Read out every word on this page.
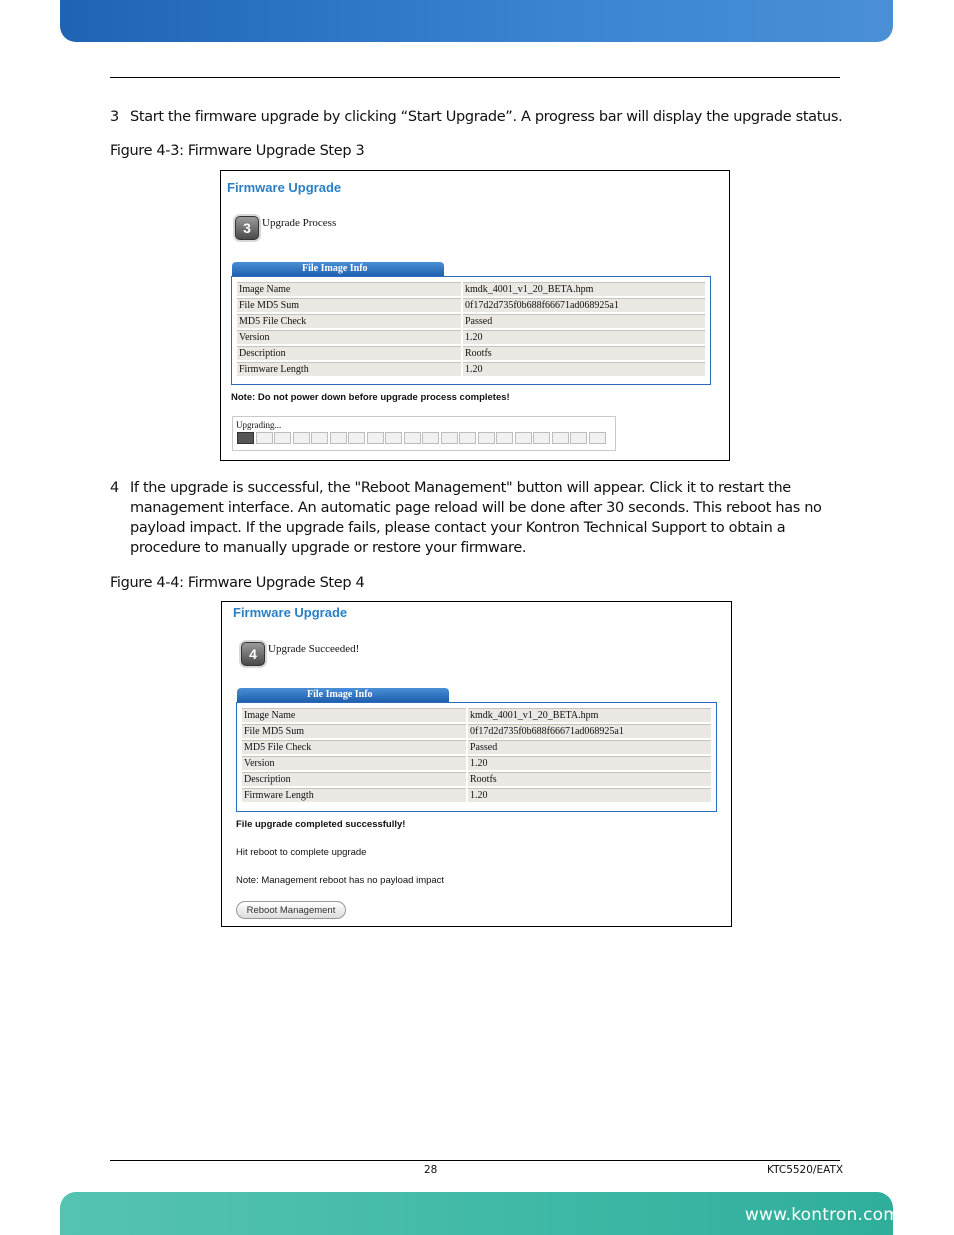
3 Start the firmware upgrade by clicking “Start Upgrade”. A progress bar will display the upgrade status.
Figure 4-3: Firmware Upgrade Step 3
Firmware Upgrade
3	Upgrade Process
File Image Info
Image Name	kmdk_4001_v1_20_BETA.hpm
File MD5 Sum	0f17d2d735f0b688f66671ad068925a1
MD5 File Check	Passed
Version	1.20
Description	Rootfs
Firmware Length	1.20
Note: Do not power down before upgrade process completes!
Upgrading...
4 If the upgrade is successful, the "Reboot Management" button will appear. Click it to restart the management interface. An automatic page reload will be done after 30 seconds. This reboot has no payload impact. If the upgrade fails, please contact your Kontron Technical Support to obtain a procedure to manually upgrade or restore your firmware.
Figure 4-4: Firmware Upgrade Step 4
Firmware Upgrade
4	Upgrade Succeeded!
File Image Info
Image Name	kmdk_4001_v1_20_BETA.hpm
File MD5 Sum	0f17d2d735f0b688f66671ad068925a1
MD5 File Check	Passed
Version	1.20
Description	Rootfs
Firmware Length	1.20
File upgrade completed successfully!
Hit reboot to complete upgrade
Note: Management reboot has no payload impact
Reboot Management
28	KTC5520/EATX
www.kontron.com
